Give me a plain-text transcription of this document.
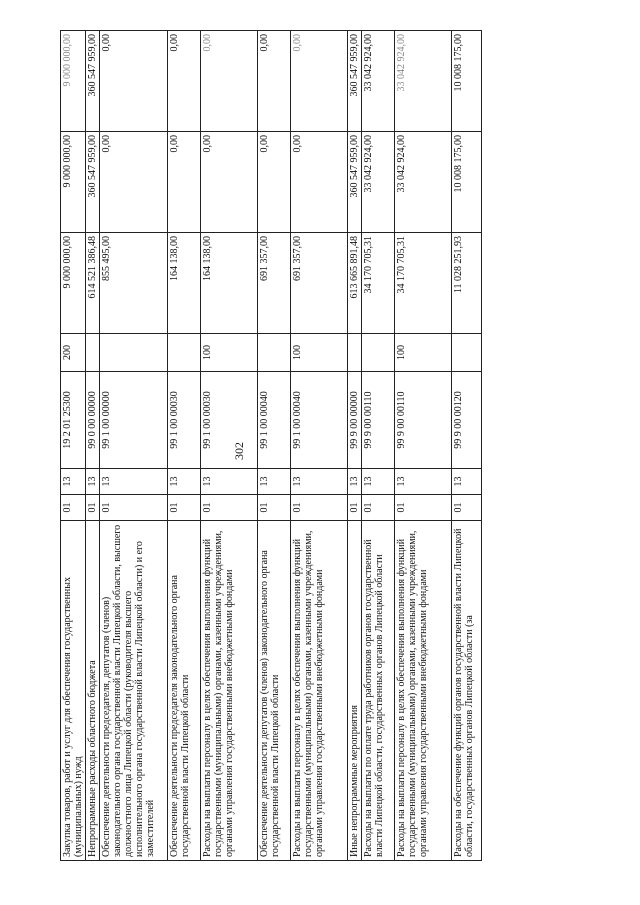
302
Закупка товаров, работ и услуг для обеспечения государственных (муниципальных) нужд	01	13	19 2 01 25300	200	9 000 000,00	9 000 000,00	9 000 000,00
Непрограммные расходы областного бюджета	01	13	99 0 00 00000		614 521 386,48	360 547 959,00	360 547 959,00
Обеспечение деятельности председателя, депутатов (членов) законодательного органа государственной власти Липецкой области, высшего должностного лица Липецкой области (руководителя высшего исполнительного органа государственной власти Липецкой области) и его заместителей	01	13	99 1 00 00000		855 495,00	0,00	0,00
Обеспечение деятельности председателя законодательного органа государственной власти Липецкой области	01	13	99 1 00 00030		164 138,00	0,00	0,00
Расходы на выплаты персоналу в целях обеспечения выполнения функций государственными (муниципальными) органами, казенными учреждениями, органами управления государственными внебюджетными фондами	01	13	99 1 00 00030	100	164 138,00	0,00	0,00
Обеспечение деятельности депутатов (членов) законодательного органа государственной власти Липецкой области	01	13	99 1 00 00040		691 357,00	0,00	0,00
Расходы на выплаты персоналу в целях обеспечения выполнения функций государственными (муниципальными) органами, казенными учреждениями, органами управления государственными внебюджетными фондами	01	13	99 1 00 00040	100	691 357,00	0,00	0,00
Иные непрограммные мероприятия	01	13	99 9 00 00000		613 665 891,48	360 547 959,00	360 547 959,00
Расходы на выплаты по оплате труда работников органов государственной власти Липецкой области, государственных органов Липецкой области	01	13	99 9 00 00110		34 170 705,31	33 042 924,00	33 042 924,00
Расходы на выплаты персоналу в целях обеспечения выполнения функций государственными (муниципальными) органами, казенными учреждениями, органами управления государственными внебюджетными фондами	01	13	99 9 00 00110	100	34 170 705,31	33 042 924,00	33 042 924,00
Расходы на обеспечение функций органов государственной власти Липецкой области, государственных органов Липецкой области (за	01	13	99 9 00 00120		11 028 251,93	10 008 175,00	10 008 175,00
